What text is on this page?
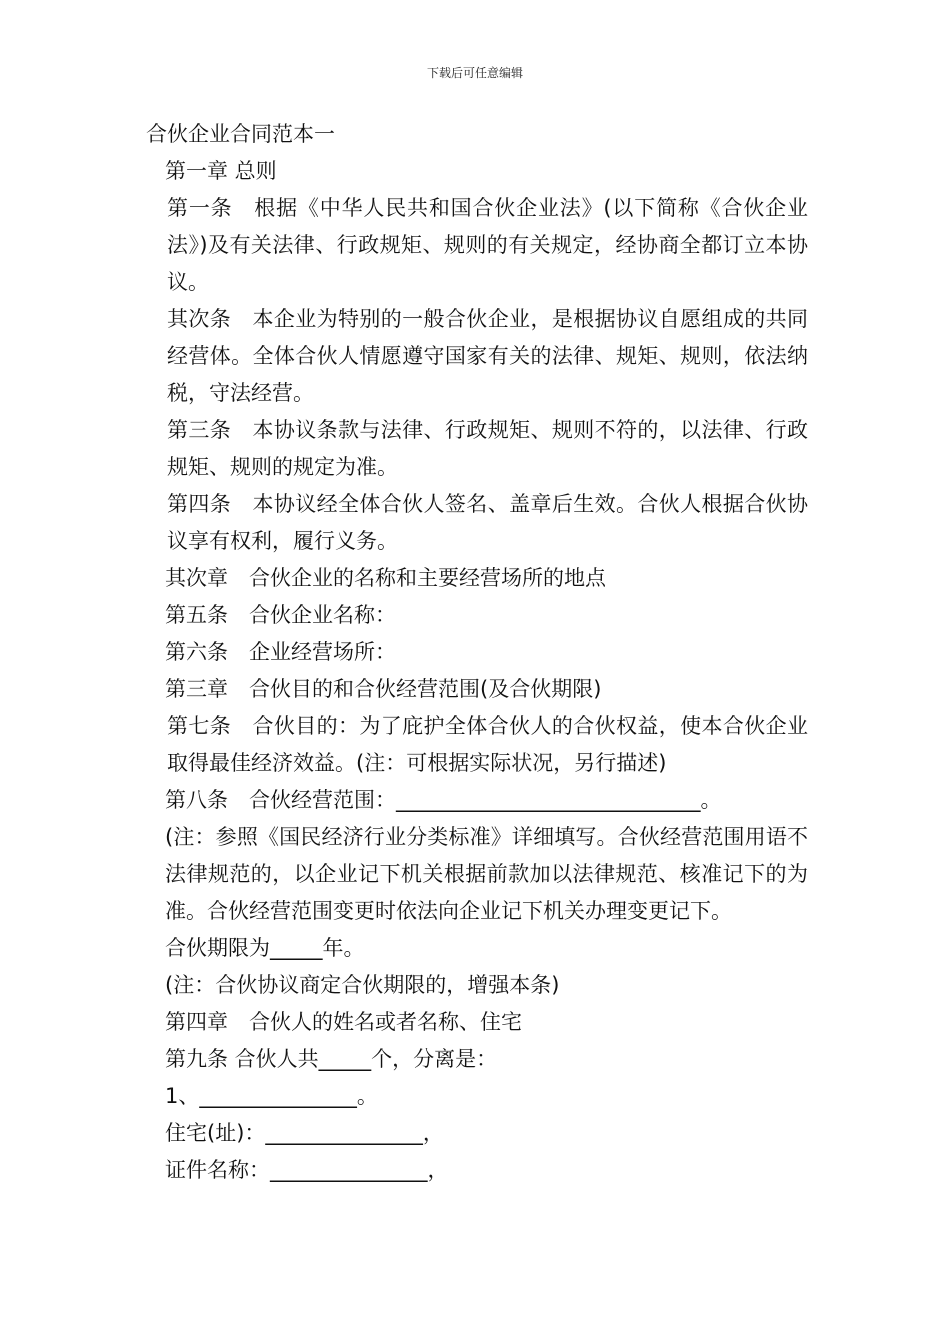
下载后可任意编辑

合伙企业合同范本一

第一章 总则

第一条　根据《中华人民共和国合伙企业法》(以下简称《合伙企业法》)及有关法律、行政规矩、规则的有关规定，经协商全都订立本协议。

其次条　本企业为特别的一般合伙企业，是根据协议自愿组成的共同经营体。全体合伙人情愿遵守国家有关的法律、规矩、规则，依法纳税，守法经营。

第三条　本协议条款与法律、行政规矩、规则不符的，以法律、行政规矩、规则的规定为准。

第四条　本协议经全体合伙人签名、盖章后生效。合伙人根据合伙协议享有权利，履行义务。

其次章　合伙企业的名称和主要经营场所的地点

第五条　合伙企业名称：

第六条　企业经营场所：

第三章　合伙目的和合伙经营范围(及合伙期限)

第七条　合伙目的：为了庇护全体合伙人的合伙权益，使本合伙企业取得最佳经济效益。(注：可根据实际状况，另行描述)

第八条　合伙经营范围：_____________________________。

(注：参照《国民经济行业分类标准》详细填写。合伙经营范围用语不法律规范的，以企业记下机关根据前款加以法律规范、核准记下的为准。合伙经营范围变更时依法向企业记下机关办理变更记下。

合伙期限为_____年。

(注：合伙协议商定合伙期限的，增强本条)

第四章　合伙人的姓名或者名称、住宅

第九条 合伙人共_____个，分离是：

1、_______________。

住宅(址)：_______________，

证件名称：_______________，
